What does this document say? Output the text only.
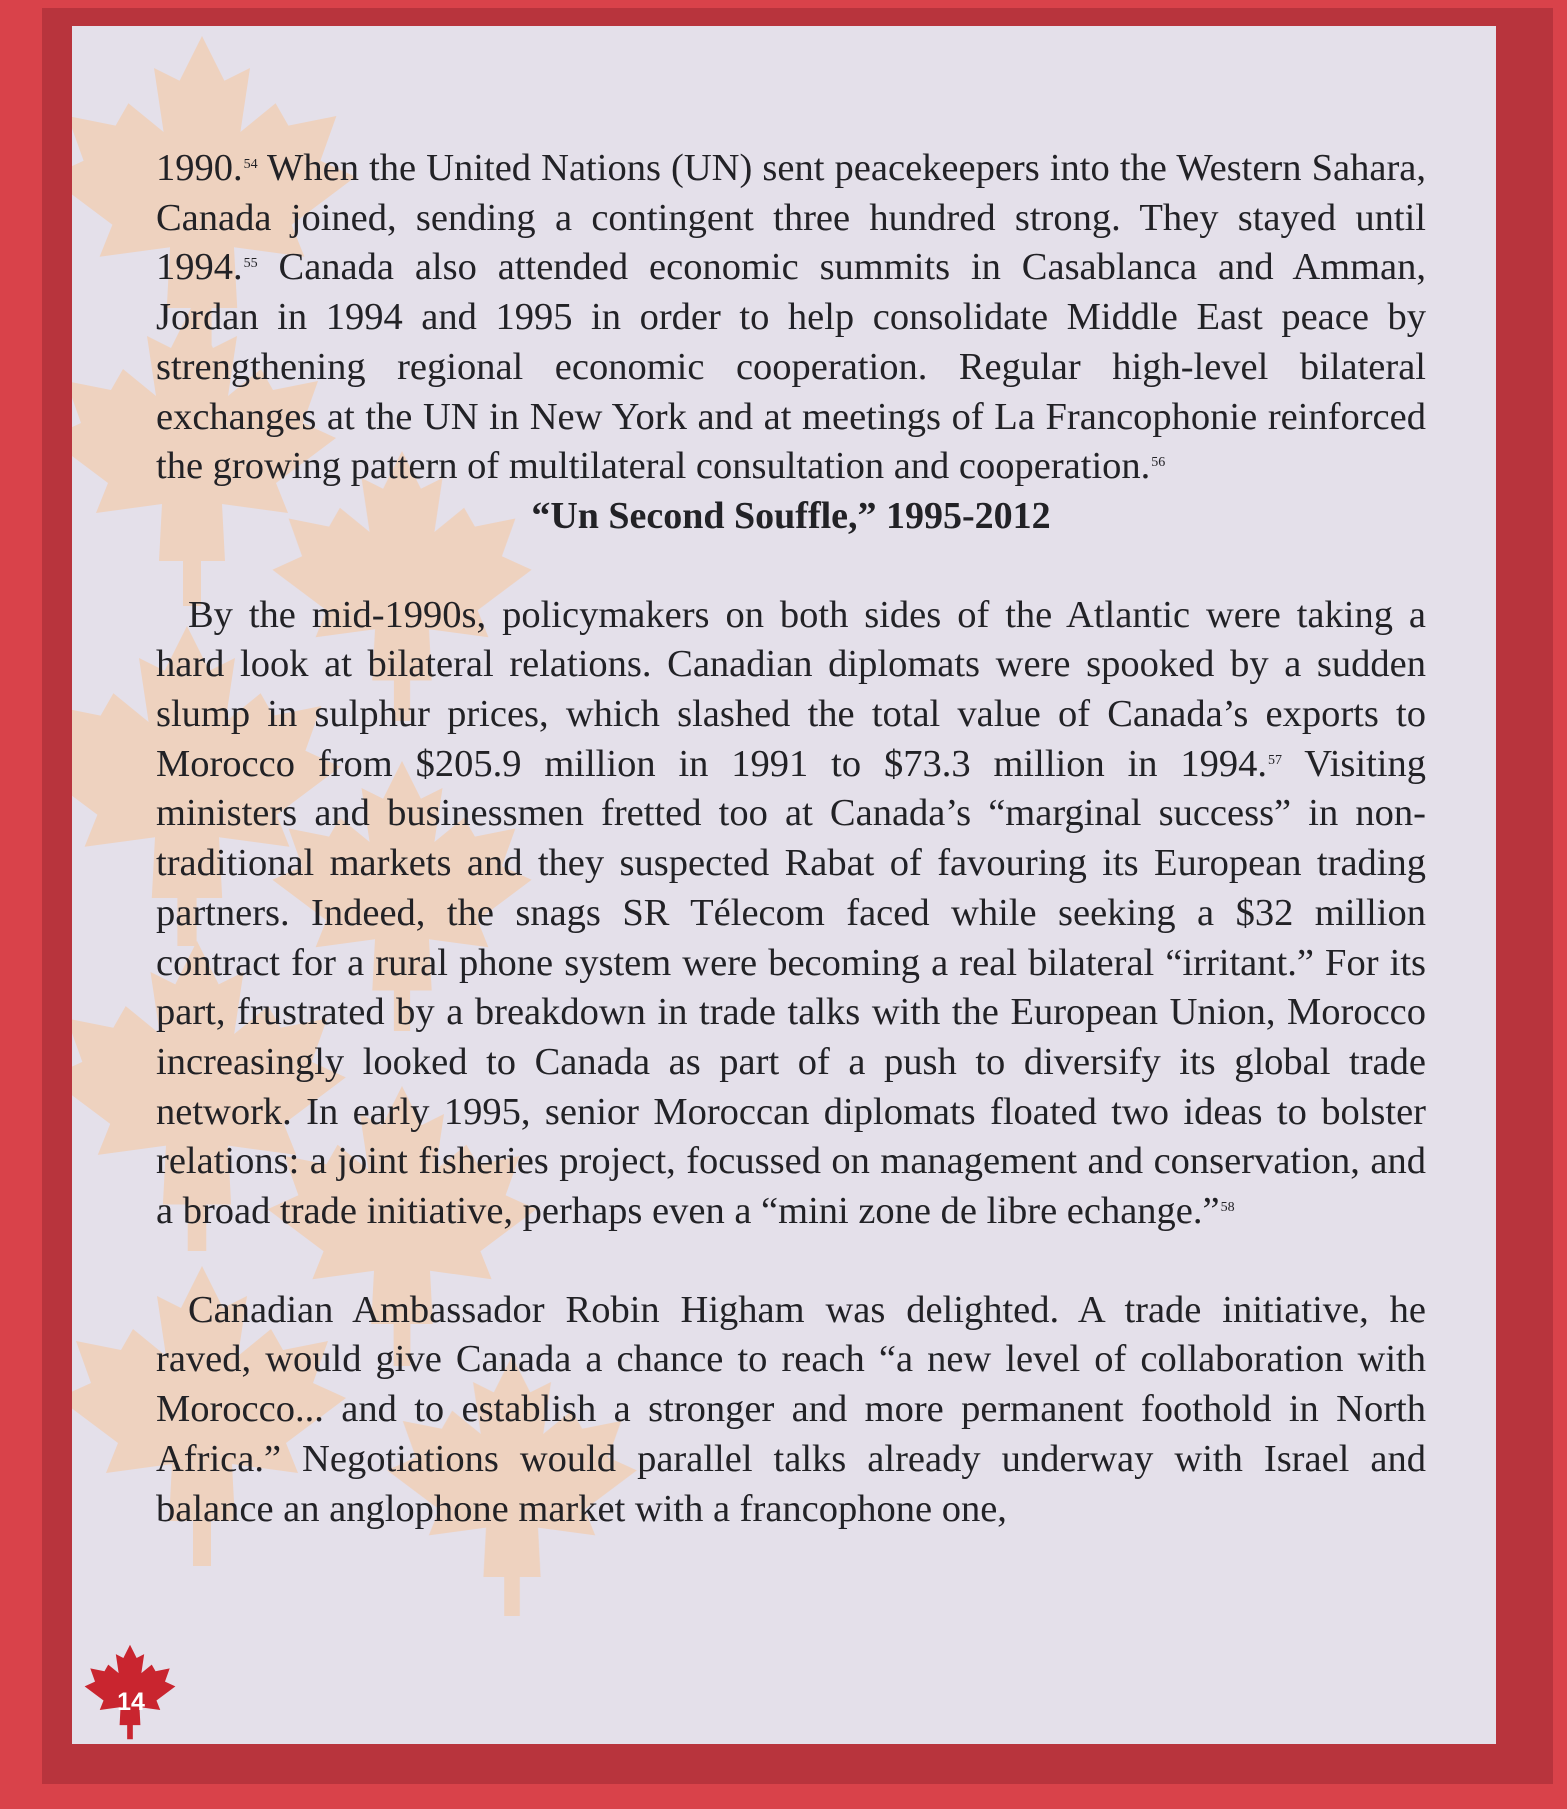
1990.54 When the United Nations (UN) sent peacekeepers into the Western Sahara, Canada joined, sending a contingent three hundred strong. They stayed until 1994.55 Canada also attended economic summits in Casablanca and Amman, Jordan in 1994 and 1995 in order to help consolidate Middle East peace by strengthening regional economic cooperation. Regular high-level bilateral exchanges at the UN in New York and at meetings of La Francophonie reinforced the growing pattern of multilateral consultation and cooperation.$^{56}$

“Un Second Souffle,” 1995-2012

By the mid-1990s, policymakers on both sides of the Atlantic were taking a hard look at bilateral relations. Canadian diplomats were spooked by a sudden slump in sulphur prices, which slashed the total value of Canada’s exports to Morocco from $205.9 million in 1991 to $73.3 million in 1994.57 Visiting ministers and businessmen fretted too at Canada’s “marginal success” in non-traditional markets and they suspected Rabat of favouring its European trading partners. Indeed, the snags SR Télecom faced while seeking a $32 million contract for a rural phone system were becoming a real bilateral “irritant.” For its part, frustrated by a breakdown in trade talks with the European Union, Morocco increasingly looked to Canada as part of a push to diversify its global trade network. In early 1995, senior Moroccan diplomats floated two ideas to bolster relations: a joint fisheries project, focussed on management and conservation, and a broad trade initiative, perhaps even a “mini zone de libre echange.”$^{58}$

Canadian Ambassador Robin Higham was delighted. A trade initiative, he raved, would give Canada a chance to reach “a new level of collaboration with Morocco... and to establish a stronger and more permanent foothold in North Africa.” Negotiations would parallel talks already underway with Israel and balance an anglophone market with a francophone one,

14
